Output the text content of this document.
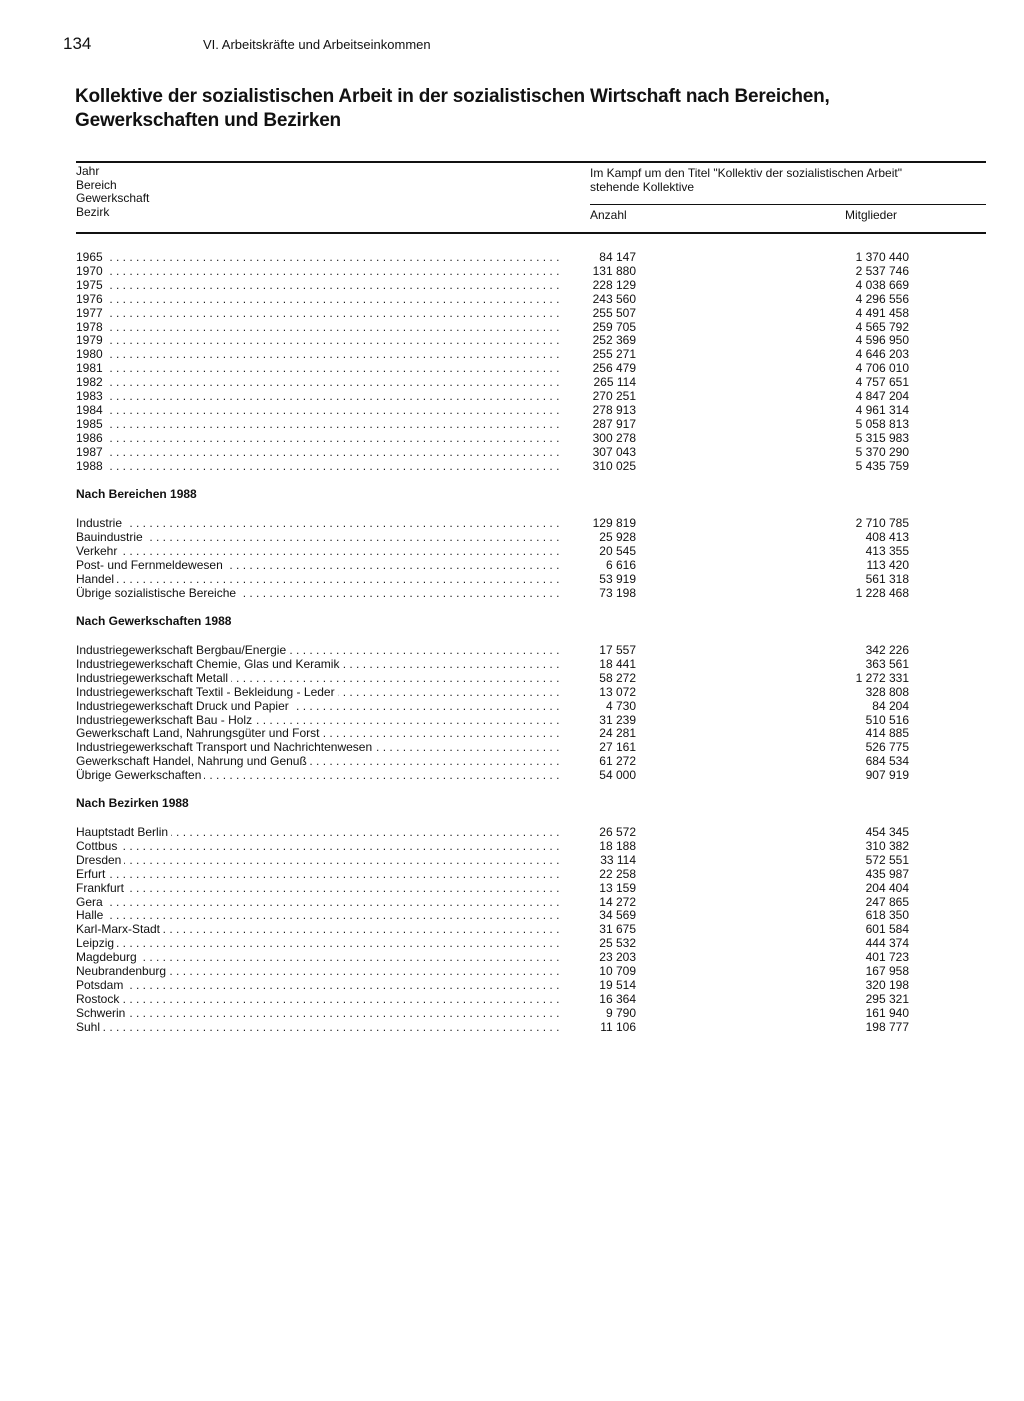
134	VI. Arbeitskräfte und Arbeitseinkommen
Kollektive der sozialistischen Arbeit in der sozialistischen Wirtschaft nach Bereichen, Gewerkschaften und Bezirken
Jahr
Bereich
Gewerkschaft
Bezirk
Im Kampf um den Titel "Kollektiv der sozialistischen Arbeit"
stehende Kollektive
Anzahl	Mitglieder
1965 . . .	84 147	1 370 440
1970 . . .	131 880	2 537 746
1975 . . .	228 129	4 038 669
1976 . . .	243 560	4 296 556
1977 . . .	255 507	4 491 458
1978 . . .	259 705	4 565 792
1979 . . .	252 369	4 596 950
1980 . . .	255 271	4 646 203
1981 . . .	256 479	4 706 010
1982 . . .	265 114	4 757 651
1983 . . .	270 251	4 847 204
1984 . . .	278 913	4 961 314
1985 . . .	287 917	5 058 813
1986 . . .	300 278	5 315 983
1987 . . .	307 043	5 370 290
1988 . . .	310 025	5 435 759
Nach Bereichen 1988
Industrie . . .	129 819	2 710 785
Bauindustrie . . .	25 928	408 413
Verkehr . . .	20 545	413 355
Post- und Fernmeldewesen . . .	6 616	113 420
Handel . . .	53 919	561 318
Übrige sozialistische Bereiche . . .	73 198	1 228 468
Nach Gewerkschaften 1988
Industriegewerkschaft Bergbau/Energie . . .	17 557	342 226
Industriegewerkschaft Chemie, Glas und Keramik . . .	18 441	363 561
Industriegewerkschaft Metall . . .	58 272	1 272 331
Industriegewerkschaft Textil - Bekleidung - Leder . . .	13 072	328 808
Industriegewerkschaft Druck und Papier . . .	4 730	84 204
Industriegewerkschaft Bau - Holz . . .	31 239	510 516
Gewerkschaft Land, Nahrungsgüter und Forst . . .	24 281	414 885
Industriegewerkschaft Transport und Nachrichtenwesen . . .	27 161	526 775
Gewerkschaft Handel, Nahrung und Genuß . . .	61 272	684 534
Übrige Gewerkschaften . . .	54 000	907 919
Nach Bezirken 1988
Hauptstadt Berlin . . .	26 572	454 345
Cottbus . . .	18 188	310 382
Dresden . . .	33 114	572 551
Erfurt . . .	22 258	435 987
Frankfurt . . .	13 159	204 404
Gera . . .	14 272	247 865
Halle . . .	34 569	618 350
Karl-Marx-Stadt . . .	31 675	601 584
Leipzig . . .	25 532	444 374
Magdeburg . . .	23 203	401 723
Neubrandenburg . . .	10 709	167 958
Potsdam . . .	19 514	320 198
Rostock . . .	16 364	295 321
Schwerin . . .	9 790	161 940
Suhl . . .	11 106	198 777
